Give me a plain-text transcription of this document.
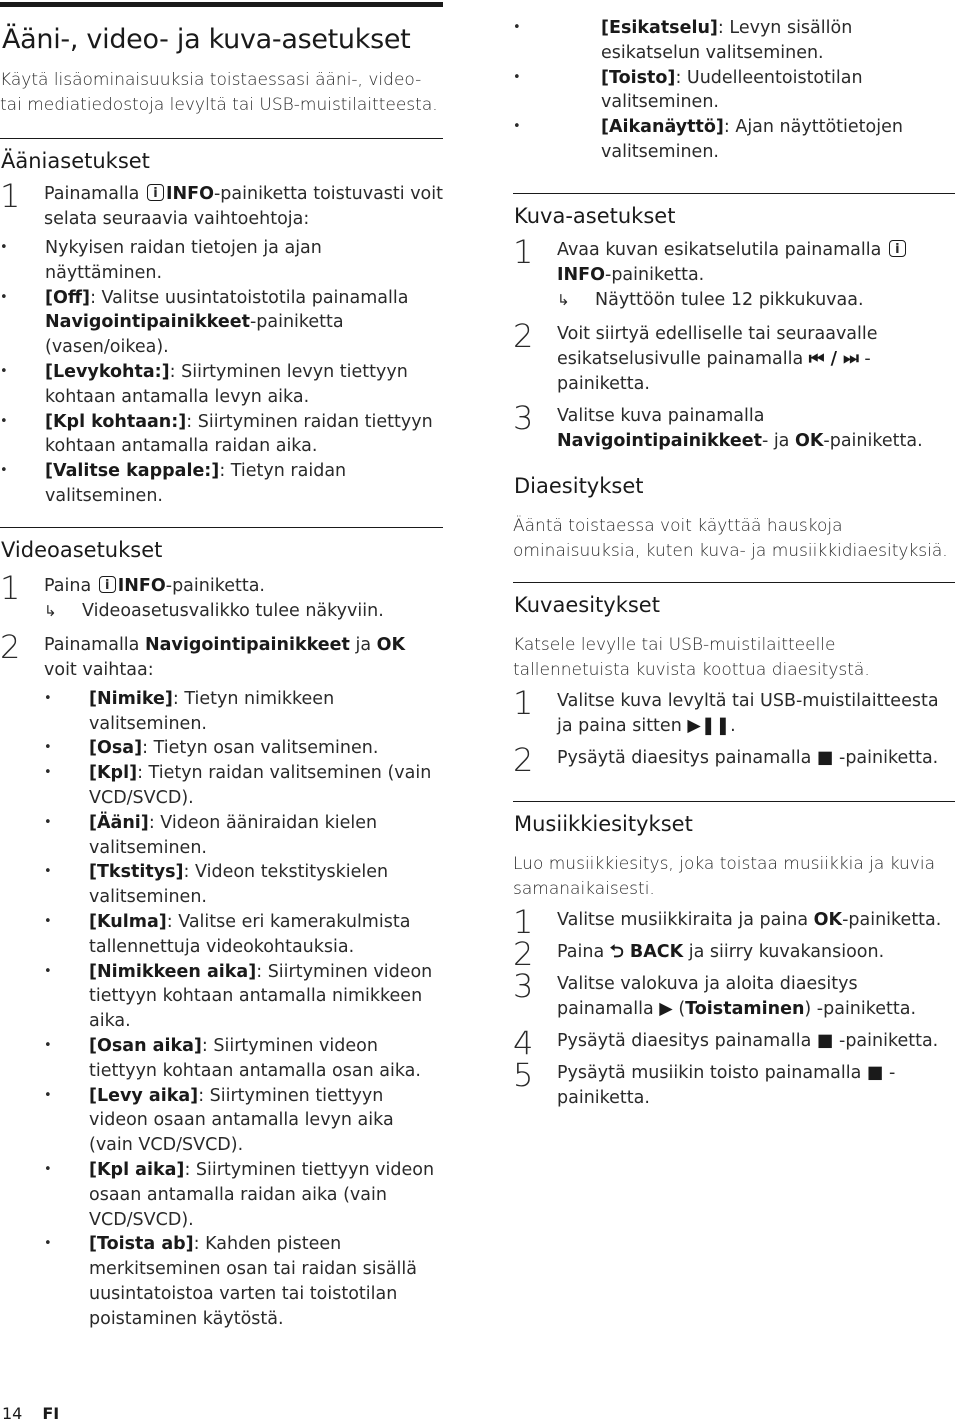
Ääni-, video- ja kuva-asetukset

Käytä lisäominaisuuksia toistaessasi ääni-, video- tai mediatiedostoja levyltä tai USB-muistilaitteesta.

Ääniasetukset
1 Painamalla i INFO-painiketta toistuvasti voit selata seuraavia vaihtoehtoja:
• Nykyisen raidan tietojen ja ajan näyttäminen.
• [Off]: Valitse uusintatoistotila painamalla Navigointipainikkeet-painiketta (vasen/oikea).
• [Levykohta:]: Siirtyminen levyn tiettyyn kohtaan antamalla levyn aika.
• [Kpl kohtaan:]: Siirtyminen raidan tiettyyn kohtaan antamalla raidan aika.
• [Valitse kappale:]: Tietyn raidan valitseminen.
Videoasetukset
1 Paina i INFO-painiketta.
↳ Videoasetusvalikko tulee näkyviin.
2 Painamalla Navigointipainikkeet ja OK voit vaihtaa:
• [Nimike]: Tietyn nimikkeen valitseminen.
• [Osa]: Tietyn osan valitseminen.
• [Kpl]: Tietyn raidan valitseminen (vain VCD/SVCD).
• [Ääni]: Videon ääniraidan kielen valitseminen.
• [Tkstitys]: Videon tekstityskielen valitseminen.
• [Kulma]: Valitse eri kamerakulmista tallennettuja videokohtauksia.
• [Nimikkeen aika]: Siirtyminen videon tiettyyn kohtaan antamalla nimikkeen aika.
• [Osan aika]: Siirtyminen videon tiettyyn kohtaan antamalla osan aika.
• [Levy aika]: Siirtyminen tiettyyn videon osaan antamalla levyn aika (vain VCD/SVCD).
• [Kpl aika]: Siirtyminen tiettyyn videon osaan antamalla raidan aika (vain VCD/SVCD).
• [Toista ab]: Kahden pisteen merkitseminen osan tai raidan sisällä uusintatoistoa varten tai toistotilan poistaminen käytöstä.
• [Esikatselu]: Levyn sisällön esikatselun valitseminen.
• [Toisto]: Uudelleentoistotilan valitseminen.
• [Aikanäyttö]: Ajan näyttötietojen valitseminen.
Kuva-asetukset
1 Avaa kuvan esikatselutila painamalla i INFO-painiketta.
↳ Näyttöön tulee 12 pikkukuvaa.
2 Voit siirtyä edelliselle tai seuraavalle esikatselusivulle painamalla ⏮ / ⏭ -painiketta.
3 Valitse kuva painamalla Navigointipainikkeet- ja OK-painiketta.
Diaesitykset

Ääntä toistaessa voit käyttää hauskoja ominaisuuksia, kuten kuva- ja musiikkidiaesityksiä.

Kuvaesitykset

Katsele levylle tai USB-muistilaitteelle tallennetuista kuvista koottua diaesitystä.

1 Valitse kuva levyltä tai USB-muistilaitteesta ja paina sitten ▶❚❚.
2 Pysäytä diaesitys painamalla ■ -painiketta.
Musiikkiesitykset

Luo musiikkiesitys, joka toistaa musiikkia ja kuvia samanaikaisesti.

1 Valitse musiikkiraita ja paina OK-painiketta.
2 Paina ⮌ BACK ja siirry kuvakansioon.
3 Valitse valokuva ja aloita diaesitys painamalla ▶ (Toistaminen) -painiketta.
4 Pysäytä diaesitys painamalla ■ -painiketta.
5 Pysäytä musiikin toisto painamalla ■ -painiketta.
14 FI
